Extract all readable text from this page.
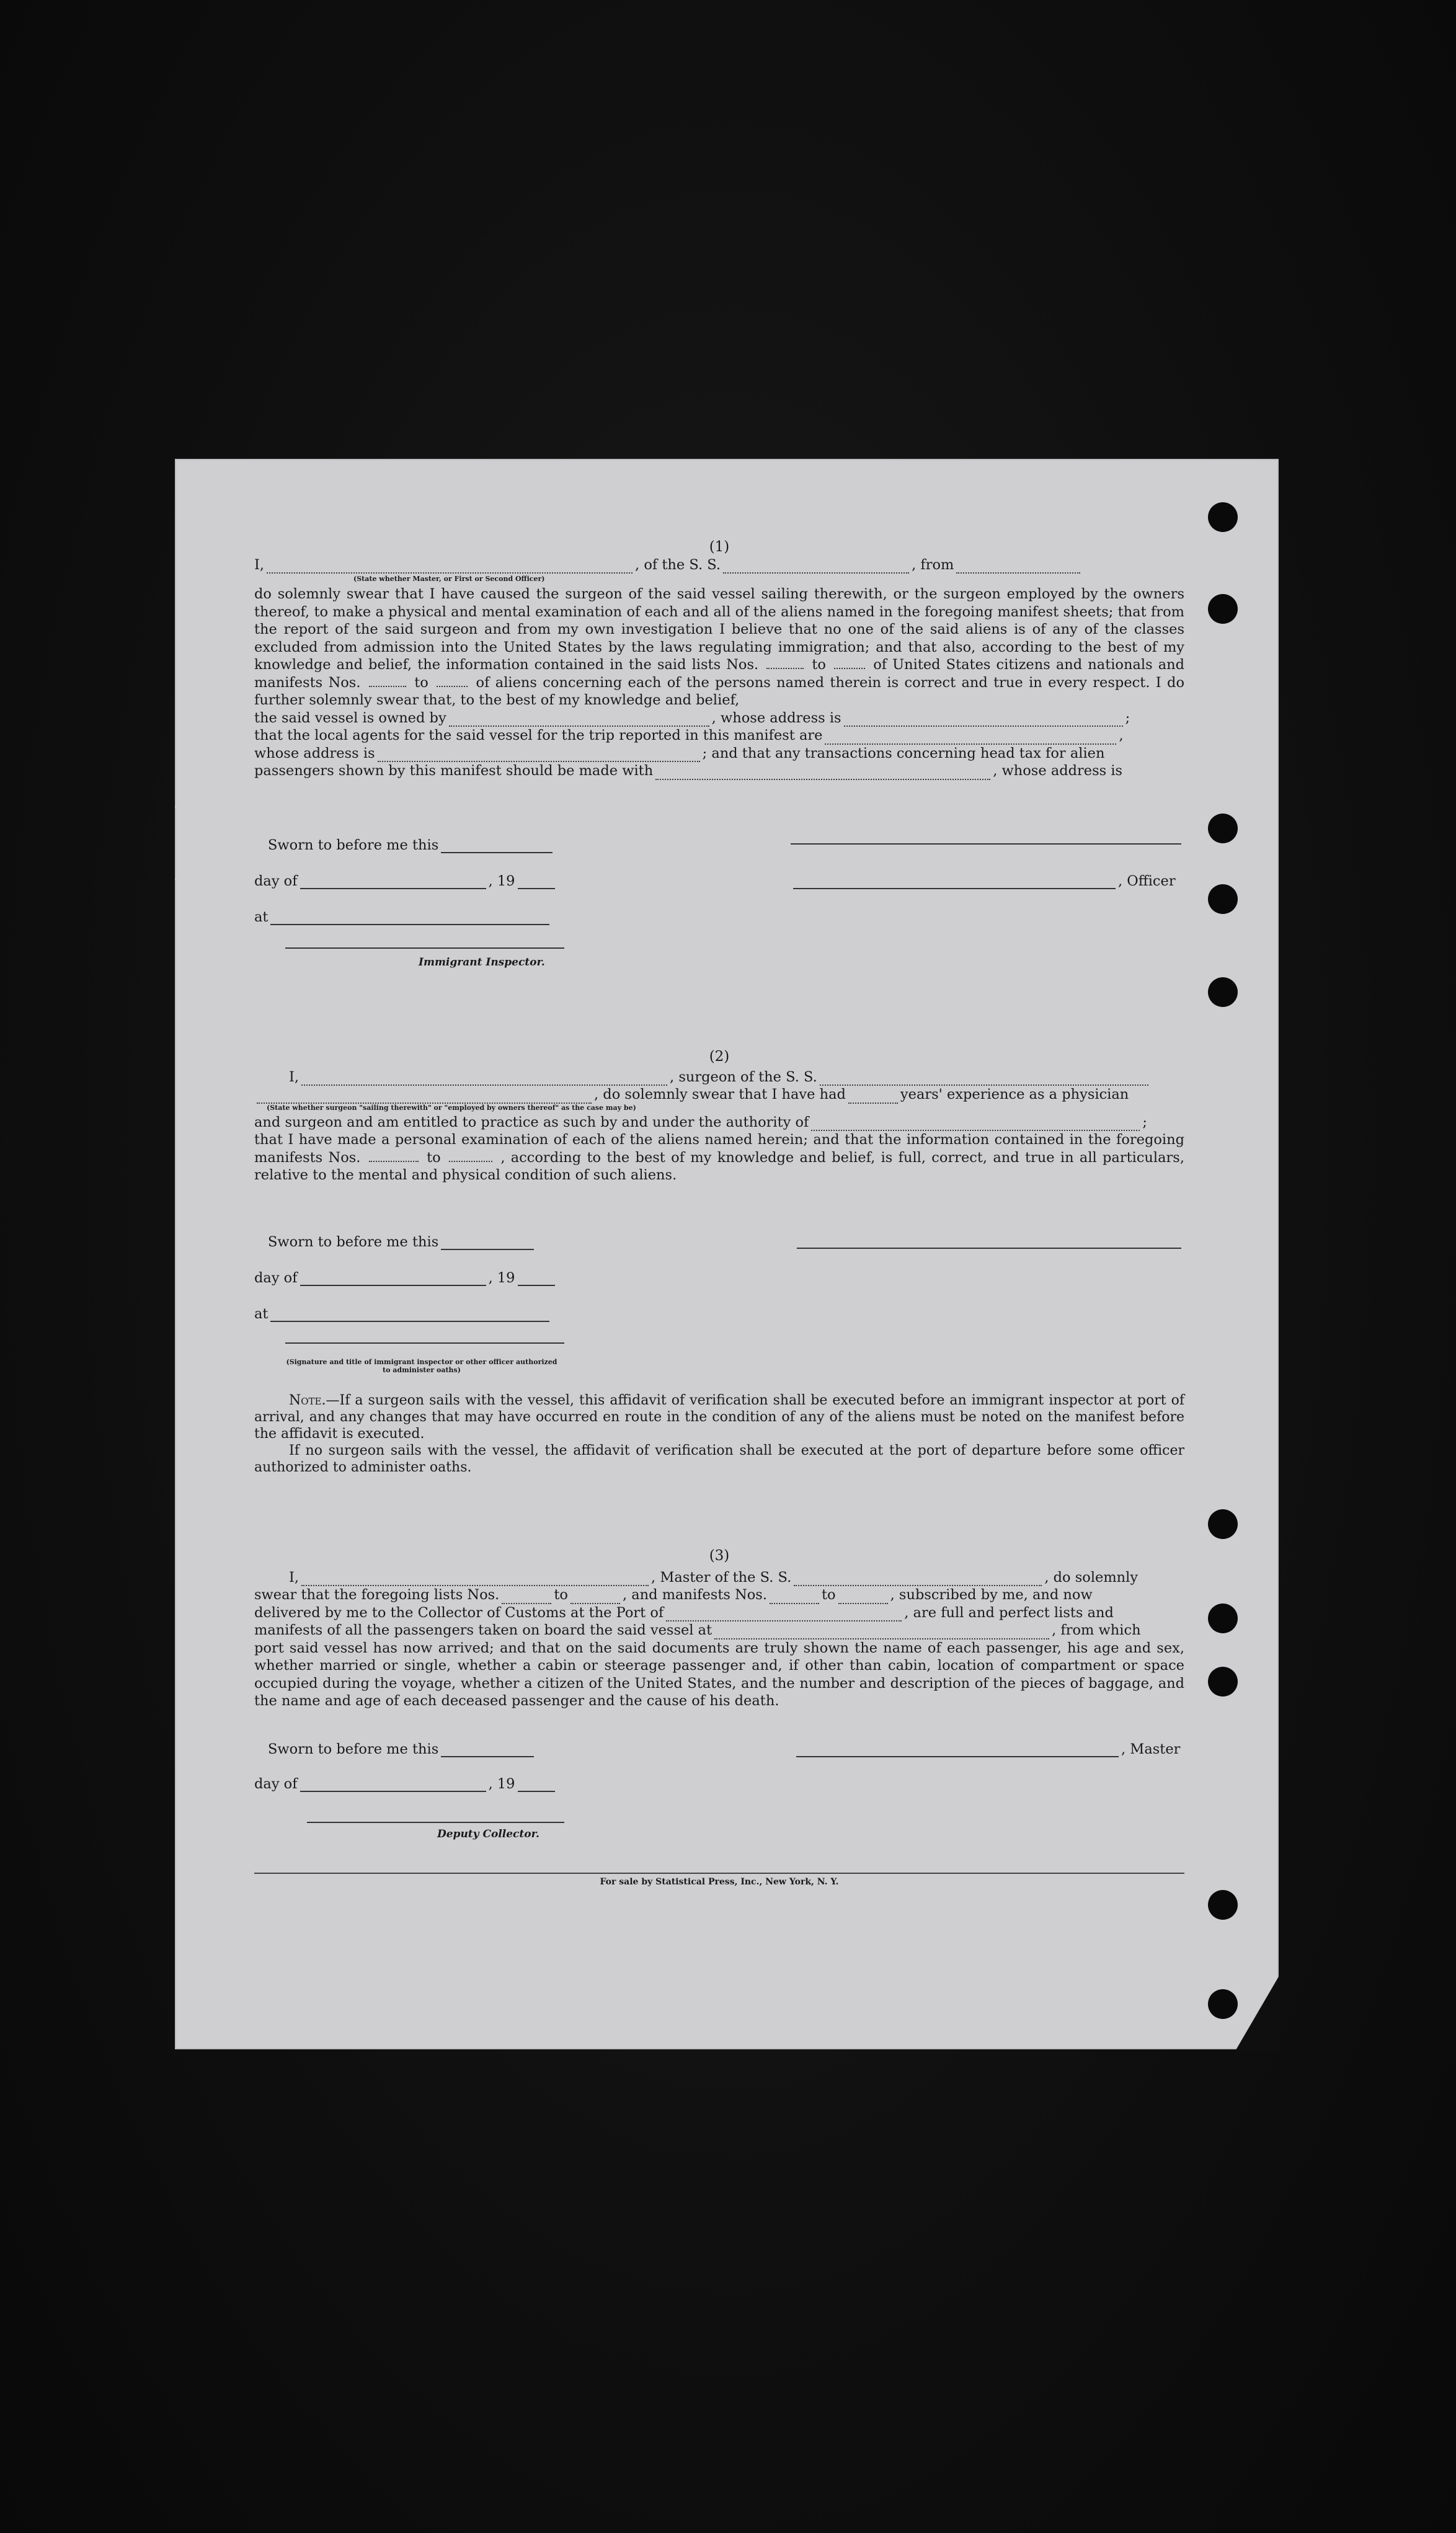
(1)

I,	, of the S. S.	, from
(State whether Master, or First or Second Officer)

do solemnly swear that I have caused the surgeon of the said vessel sailing therewith, or the surgeon employed by the owners thereof, to make a physical and mental examination of each and all of the aliens named in the foregoing manifest sheets; that from the report of the said surgeon and from my own investigation I believe that no one of the said aliens is of any of the classes excluded from admission into the United States by the laws regulating immigration; and that also, according to the best of my knowledge and belief, the information contained in the said lists Nos.	to	of United States citizens and nationals and manifests Nos.	to	of aliens concerning each of the persons named therein is correct and true in every respect. I do further solemnly swear that, to the best of my knowledge and belief,

the said vessel is owned by	, whose address is	;
that the local agents for the said vessel for the trip reported in this manifest are	,
whose address is	; and that any transactions concerning head tax for alien
passengers shown by this manifest should be made with	, whose address is
Sworn to before me this
day of	, 19	, Officer
at
Immigrant Inspector.

(2)

I,	, surgeon of the S. S.
, do solemnly swear that I have had	years' experience as a physician
(State whether surgeon "sailing therewith" or "employed by owners thereof" as the case may be)
and surgeon and am entitled to practice as such by and under the authority of	;

that I have made a personal examination of each of the aliens named herein; and that the information contained in the foregoing manifests Nos.	to	, according to the best of my knowledge and belief, is full, correct, and true in all particulars, relative to the mental and physical condition of such aliens.

Sworn to before me this
day of	, 19
at
(Signature and title of immigrant inspector or other officer authorized to administer oaths)

Note.—If a surgeon sails with the vessel, this affidavit of verification shall be executed before an immigrant inspector at port of arrival, and any changes that may have occurred en route in the condition of any of the aliens must be noted on the manifest before the affidavit is executed.

If no surgeon sails with the vessel, the affidavit of verification shall be executed at the port of departure before some officer authorized to administer oaths.

(3)

I,	, Master of the S. S.	, do solemnly
swear that the foregoing lists Nos.	to	, and manifests Nos.	to	, subscribed by me, and now
delivered by me to the Collector of Customs at the Port of	, are full and perfect lists and
manifests of all the passengers taken on board the said vessel at	, from which

port said vessel has now arrived; and that on the said documents are truly shown the name of each passenger, his age and sex, whether married or single, whether a cabin or steerage passenger and, if other than cabin, location of compartment or space occupied during the voyage, whether a citizen of the United States, and the number and description of the pieces of baggage, and the name and age of each deceased passenger and the cause of his death.

Sworn to before me this	, Master
day of	, 19
Deputy Collector.
For sale by Statistical Press, Inc., New York, N. Y.
